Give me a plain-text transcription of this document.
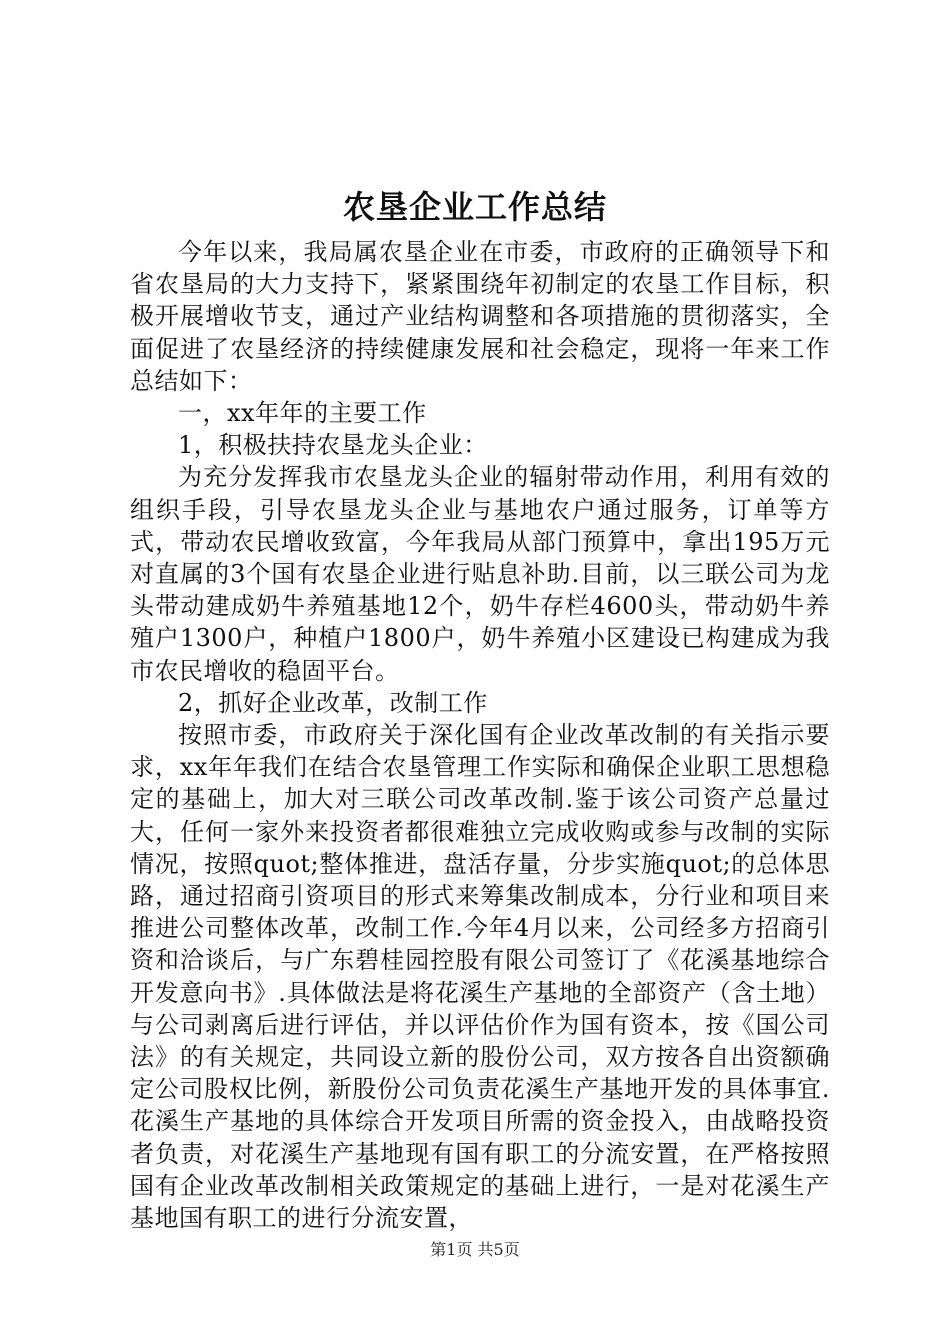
农垦企业工作总结

今年以来，我局属农垦企业在市委，市政府的正确领导下和省农垦局的大力支持下，紧紧围绕年初制定的农垦工作目标，积极开展增收节支，通过产业结构调整和各项措施的贯彻落实，全面促进了农垦经济的持续健康发展和社会稳定，现将一年来工作总结如下：

一，xx年年的主要工作

1，积极扶持农垦龙头企业：

为充分发挥我市农垦龙头企业的辐射带动作用，利用有效的组织手段，引导农垦龙头企业与基地农户通过服务，订单等方式，带动农民增收致富，今年我局从部门预算中，拿出195万元对直属的3个国有农垦企业进行贴息补助.目前，以三联公司为龙头带动建成奶牛养殖基地12个，奶牛存栏4600头，带动奶牛养殖户1300户，种植户1800户，奶牛养殖小区建设已构建成为我市农民增收的稳固平台。

2，抓好企业改革，改制工作

按照市委，市政府关于深化国有企业改革改制的有关指示要求，xx年年我们在结合农垦管理工作实际和确保企业职工思想稳定的基础上，加大对三联公司改革改制.鉴于该公司资产总量过大，任何一家外来投资者都很难独立完成收购或参与改制的实际情况，按照quot;整体推进，盘活存量，分步实施quot;的总体思路，通过招商引资项目的形式来筹集改制成本，分行业和项目来推进公司整体改革，改制工作.今年4月以来，公司经多方招商引资和洽谈后，与广东碧桂园控股有限公司签订了《花溪基地综合开发意向书》.具体做法是将花溪生产基地的全部资产（含土地）与公司剥离后进行评估，并以评估价作为国有资本，按《国公司法》的有关规定，共同设立新的股份公司，双方按各自出资额确定公司股权比例，新股份公司负责花溪生产基地开发的具体事宜.花溪生产基地的具体综合开发项目所需的资金投入，由战略投资者负责，对花溪生产基地现有国有职工的分流安置，在严格按照国有企业改革改制相关政策规定的基础上进行，一是对花溪生产基地国有职工的进行分流安置，

第1页 共5页
